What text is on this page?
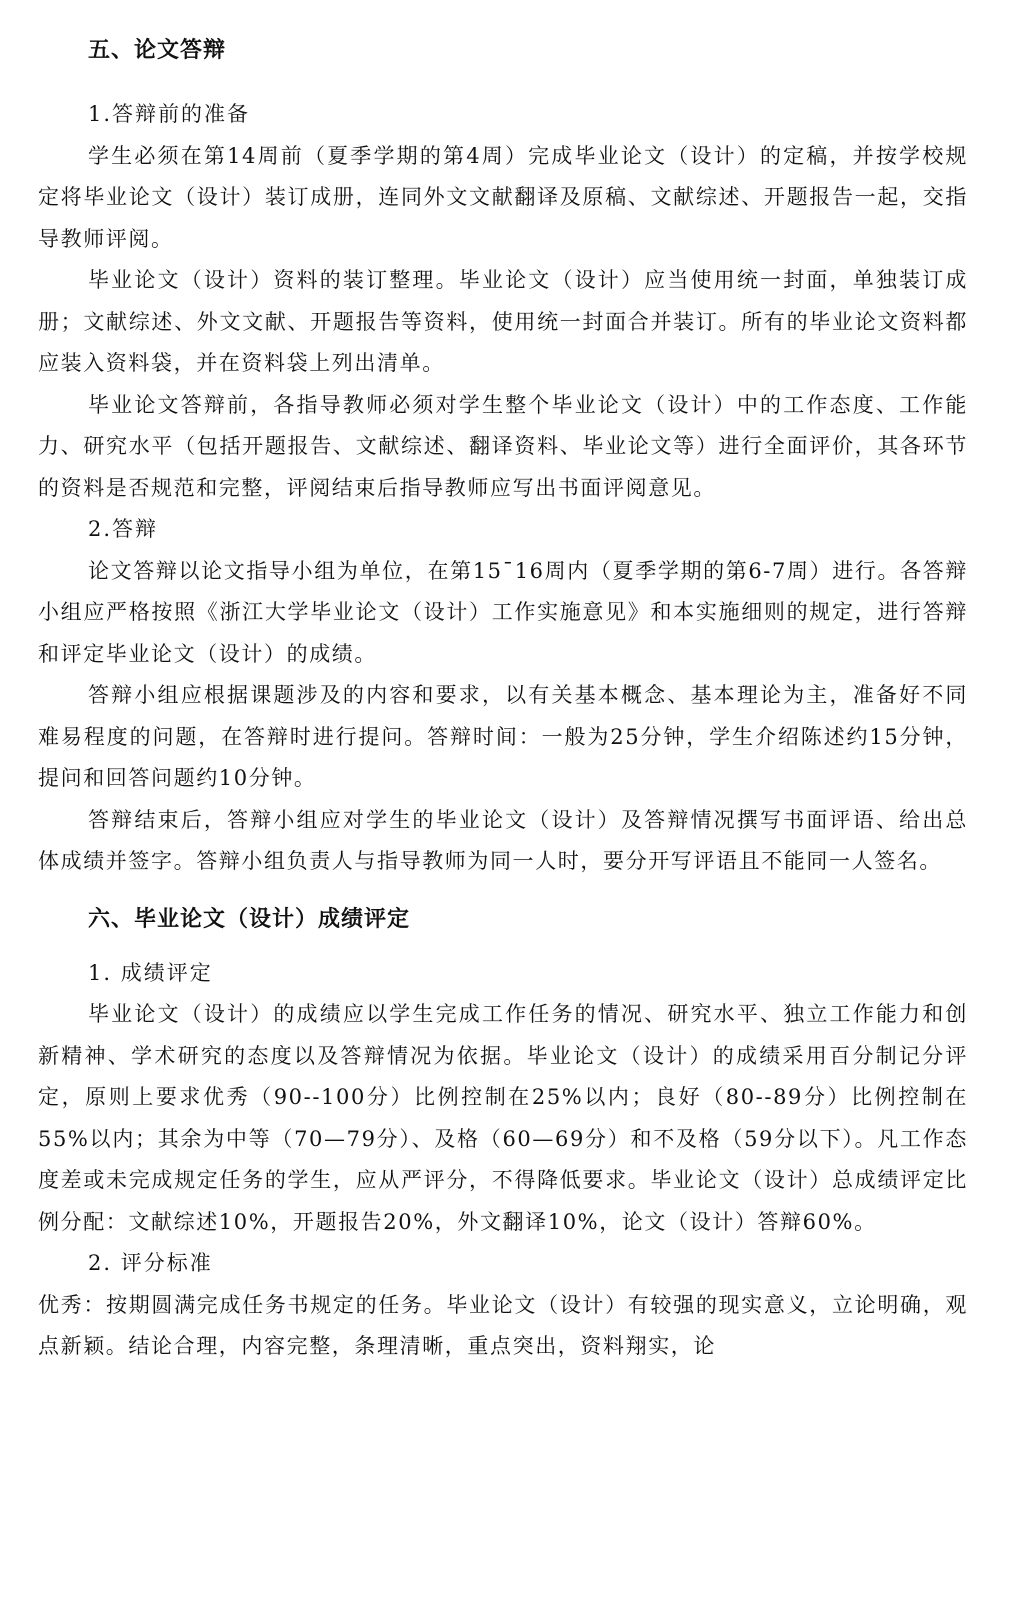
五、论文答辩

1.答辩前的准备

学生必须在第14周前（夏季学期的第4周）完成毕业论文（设计）的定稿，并按学校规定将毕业论文（设计）装订成册，连同外文文献翻译及原稿、文献综述、开题报告一起，交指导教师评阅。

毕业论文（设计）资料的装订整理。毕业论文（设计）应当使用统一封面，单独装订成册；文献综述、外文文献、开题报告等资料，使用统一封面合并装订。所有的毕业论文资料都应装入资料袋，并在资料袋上列出清单。

毕业论文答辩前，各指导教师必须对学生整个毕业论文（设计）中的工作态度、工作能力、研究水平（包括开题报告、文献综述、翻译资料、毕业论文等）进行全面评价，其各环节的资料是否规范和完整，评阅结束后指导教师应写出书面评阅意见。

2.答辩

论文答辩以论文指导小组为单位，在第15¯16周内（夏季学期的第6-7周）进行。各答辩小组应严格按照《浙江大学毕业论文（设计）工作实施意见》和本实施细则的规定，进行答辩和评定毕业论文（设计）的成绩。

答辩小组应根据课题涉及的内容和要求，以有关基本概念、基本理论为主，准备好不同难易程度的问题，在答辩时进行提问。答辩时间：一般为25分钟，学生介绍陈述约15分钟，提问和回答问题约10分钟。

答辩结束后，答辩小组应对学生的毕业论文（设计）及答辩情况撰写书面评语、给出总体成绩并签字。答辩小组负责人与指导教师为同一人时，要分开写评语且不能同一人签名。

六、毕业论文（设计）成绩评定

1. 成绩评定

毕业论文（设计）的成绩应以学生完成工作任务的情况、研究水平、独立工作能力和创新精神、学术研究的态度以及答辩情况为依据。毕业论文（设计）的成绩采用百分制记分评定，原则上要求优秀（90--100分）比例控制在25%以内；良好（80--89分）比例控制在55%以内；其余为中等（70—79分）、及格（60—69分）和不及格（59分以下）。凡工作态度差或未完成规定任务的学生，应从严评分，不得降低要求。毕业论文（设计）总成绩评定比例分配：文献综述10%，开题报告20%，外文翻译10%，论文（设计）答辩60%。

2. 评分标准

优秀：按期圆满完成任务书规定的任务。毕业论文（设计）有较强的现实意义，立论明确，观点新颖。结论合理，内容完整，条理清晰，重点突出，资料翔实，论
